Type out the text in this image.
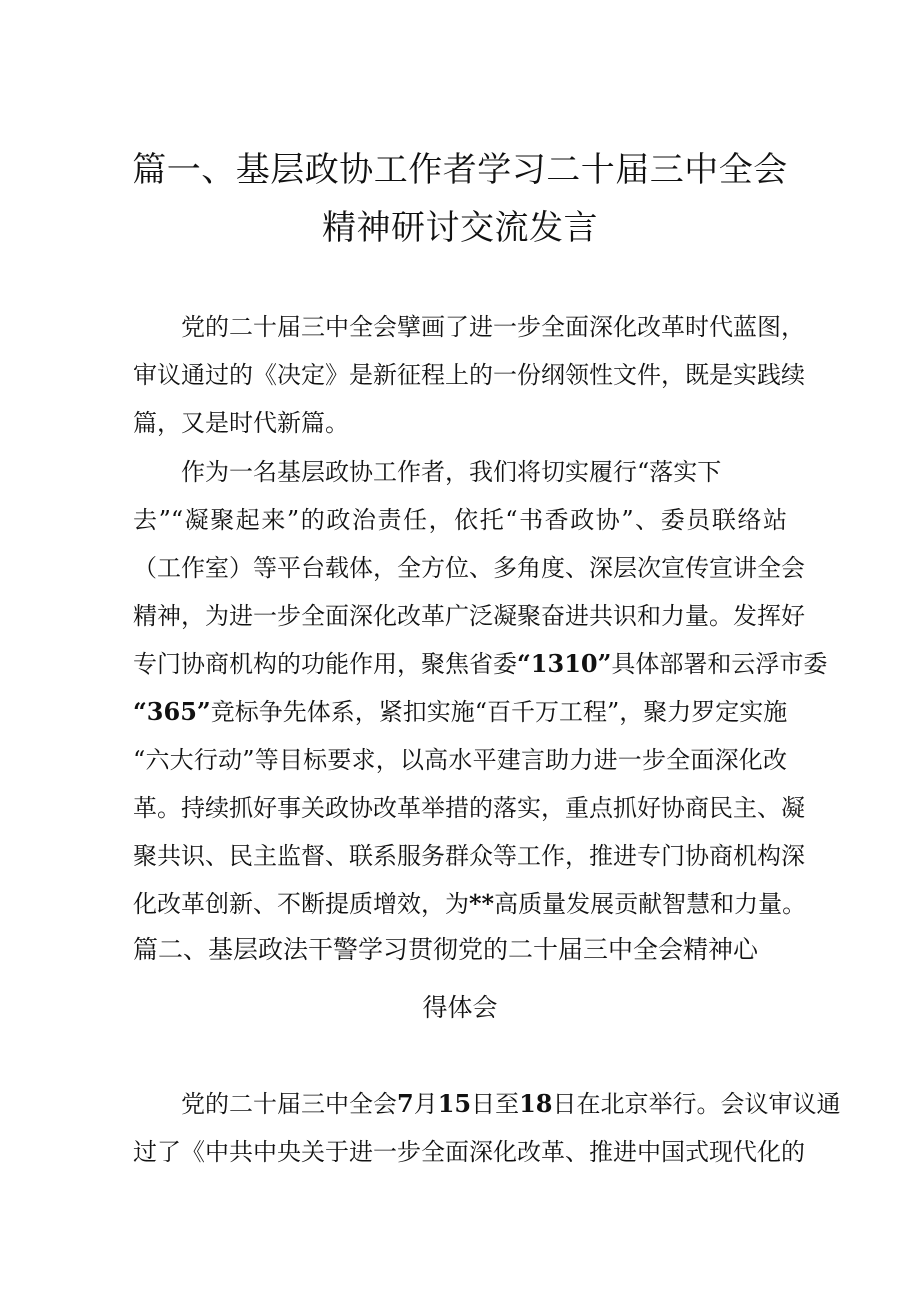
篇一、基层政协工作者学习二十届三中全会
精神研讨交流发言
党的二十届三中全会擘画了进一步全面深化改革时代蓝图，
审议通过的《决定》是新征程上的一份纲领性文件，既是实践续
篇，又是时代新篇。
作为一名基层政协工作者，我们将切实履行“落实下
去”“凝聚起来”的政治责任，依托“书香政协”、委员联络站
（工作室）等平台载体，全方位、多角度、深层次宣传宣讲全会
精神，为进一步全面深化改革广泛凝聚奋进共识和力量。发挥好
专门协商机构的功能作用，聚焦省委“1310”具体部署和云浮市委
“365”竞标争先体系，紧扣实施“百千万工程”，聚力罗定实施
“六大行动”等目标要求，以高水平建言助力进一步全面深化改
革。持续抓好事关政协改革举措的落实，重点抓好协商民主、凝
聚共识、民主监督、联系服务群众等工作，推进专门协商机构深
化改革创新、不断提质增效，为**高质量发展贡献智慧和力量。
篇二、基层政法干警学习贯彻党的二十届三中全会精神心
得体会
党的二十届三中全会7月15日至18日在北京举行。会议审议通
过了《中共中央关于进一步全面深化改革、推进中国式现代化的
